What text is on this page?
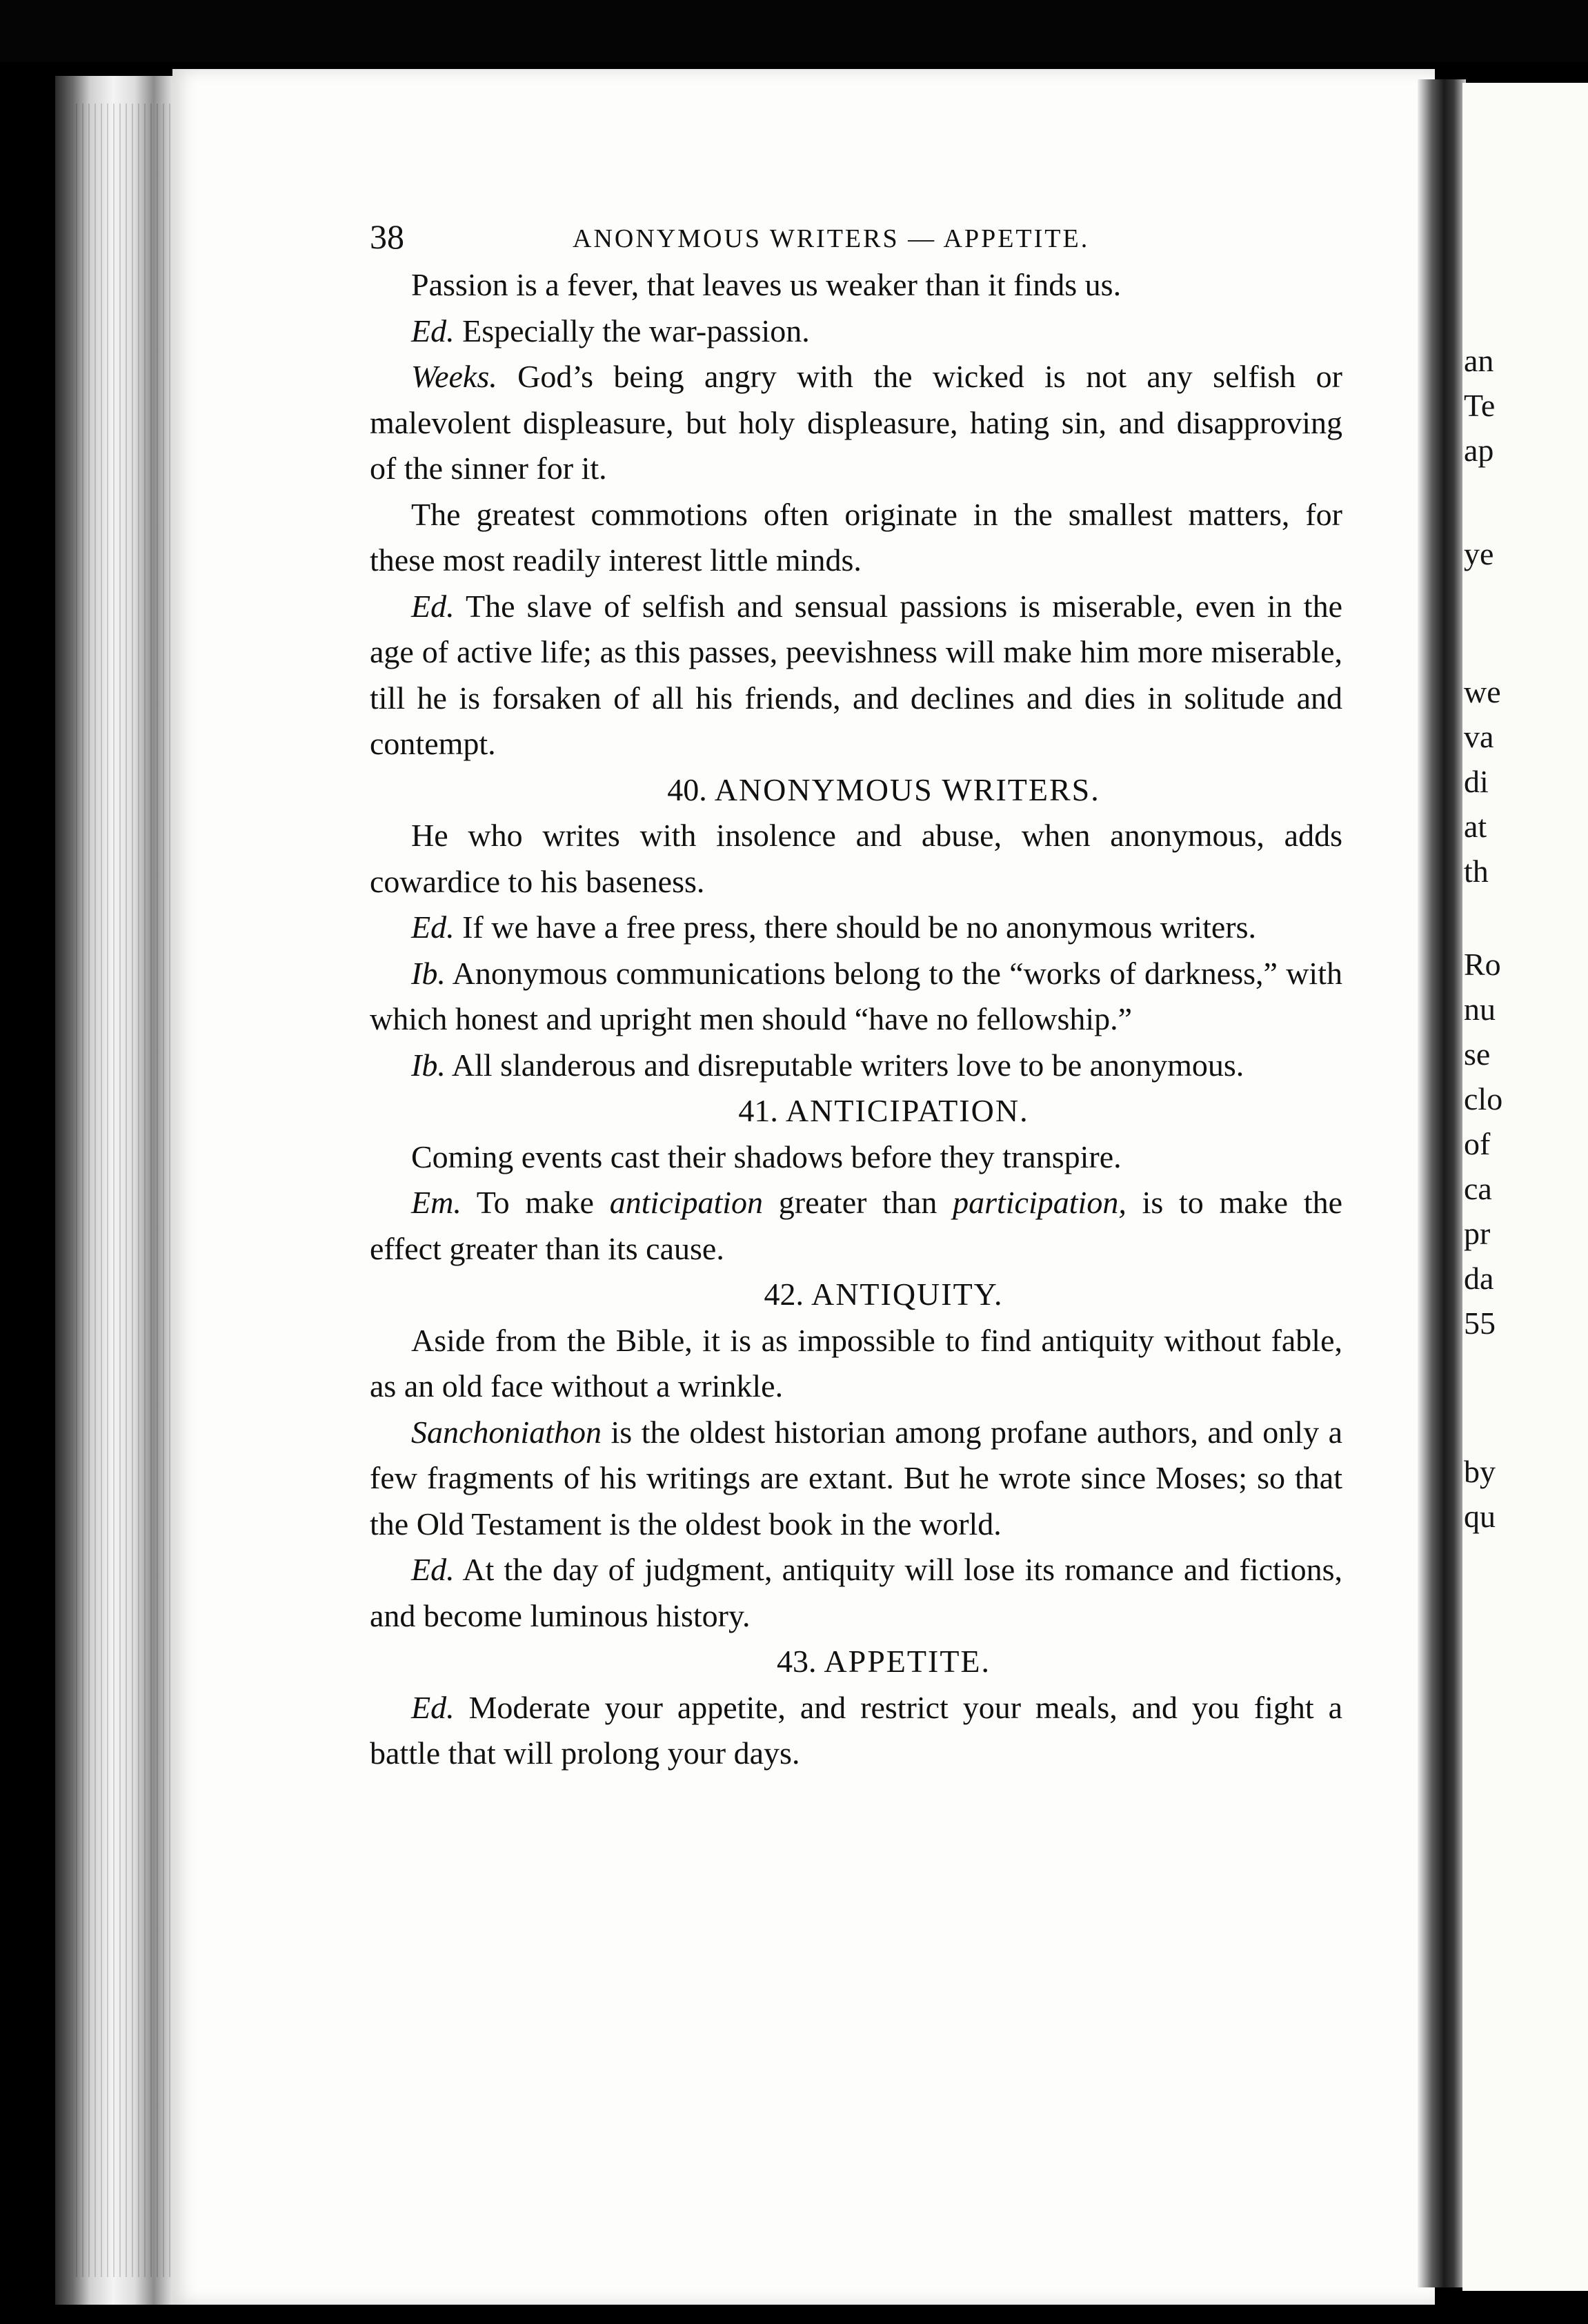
an
Te
ap
ye
we
va
di
at
th
Ro
nu
se
clo
of
ca
pr
da
55
by
qu
38	ANONYMOUS WRITERS — APPETITE.

Passion is a fever, that leaves us weaker than it finds us.

Ed. Especially the war-passion.

Weeks. God’s being angry with the wicked is not any selfish or malevolent displeasure, but holy displeasure, hating sin, and disapproving of the sinner for it.

The greatest commotions often originate in the smallest matters, for these most readily interest little minds.

Ed. The slave of selfish and sensual passions is miserable, even in the age of active life; as this passes, peevishness will make him more miserable, till he is forsaken of all his friends, and declines and dies in solitude and contempt.

40. ANONYMOUS WRITERS.

He who writes with insolence and abuse, when anonymous, adds cowardice to his baseness.

Ed. If we have a free press, there should be no anonymous writers.

Ib. Anonymous communications belong to the “works of darkness,” with which honest and upright men should “have no fellowship.”

Ib. All slanderous and disreputable writers love to be anonymous.

41. ANTICIPATION.

Coming events cast their shadows before they transpire.

Em. To make anticipation greater than participation, is to make the effect greater than its cause.

42. ANTIQUITY.

Aside from the Bible, it is as impossible to find antiquity without fable, as an old face without a wrinkle.

Sanchoniathon is the oldest historian among profane authors, and only a few fragments of his writings are extant. But he wrote since Moses; so that the Old Testament is the oldest book in the world.

Ed. At the day of judgment, antiquity will lose its romance and fictions, and become luminous history.

43. APPETITE.

Ed. Moderate your appetite, and restrict your meals, and you fight a battle that will prolong your days.
